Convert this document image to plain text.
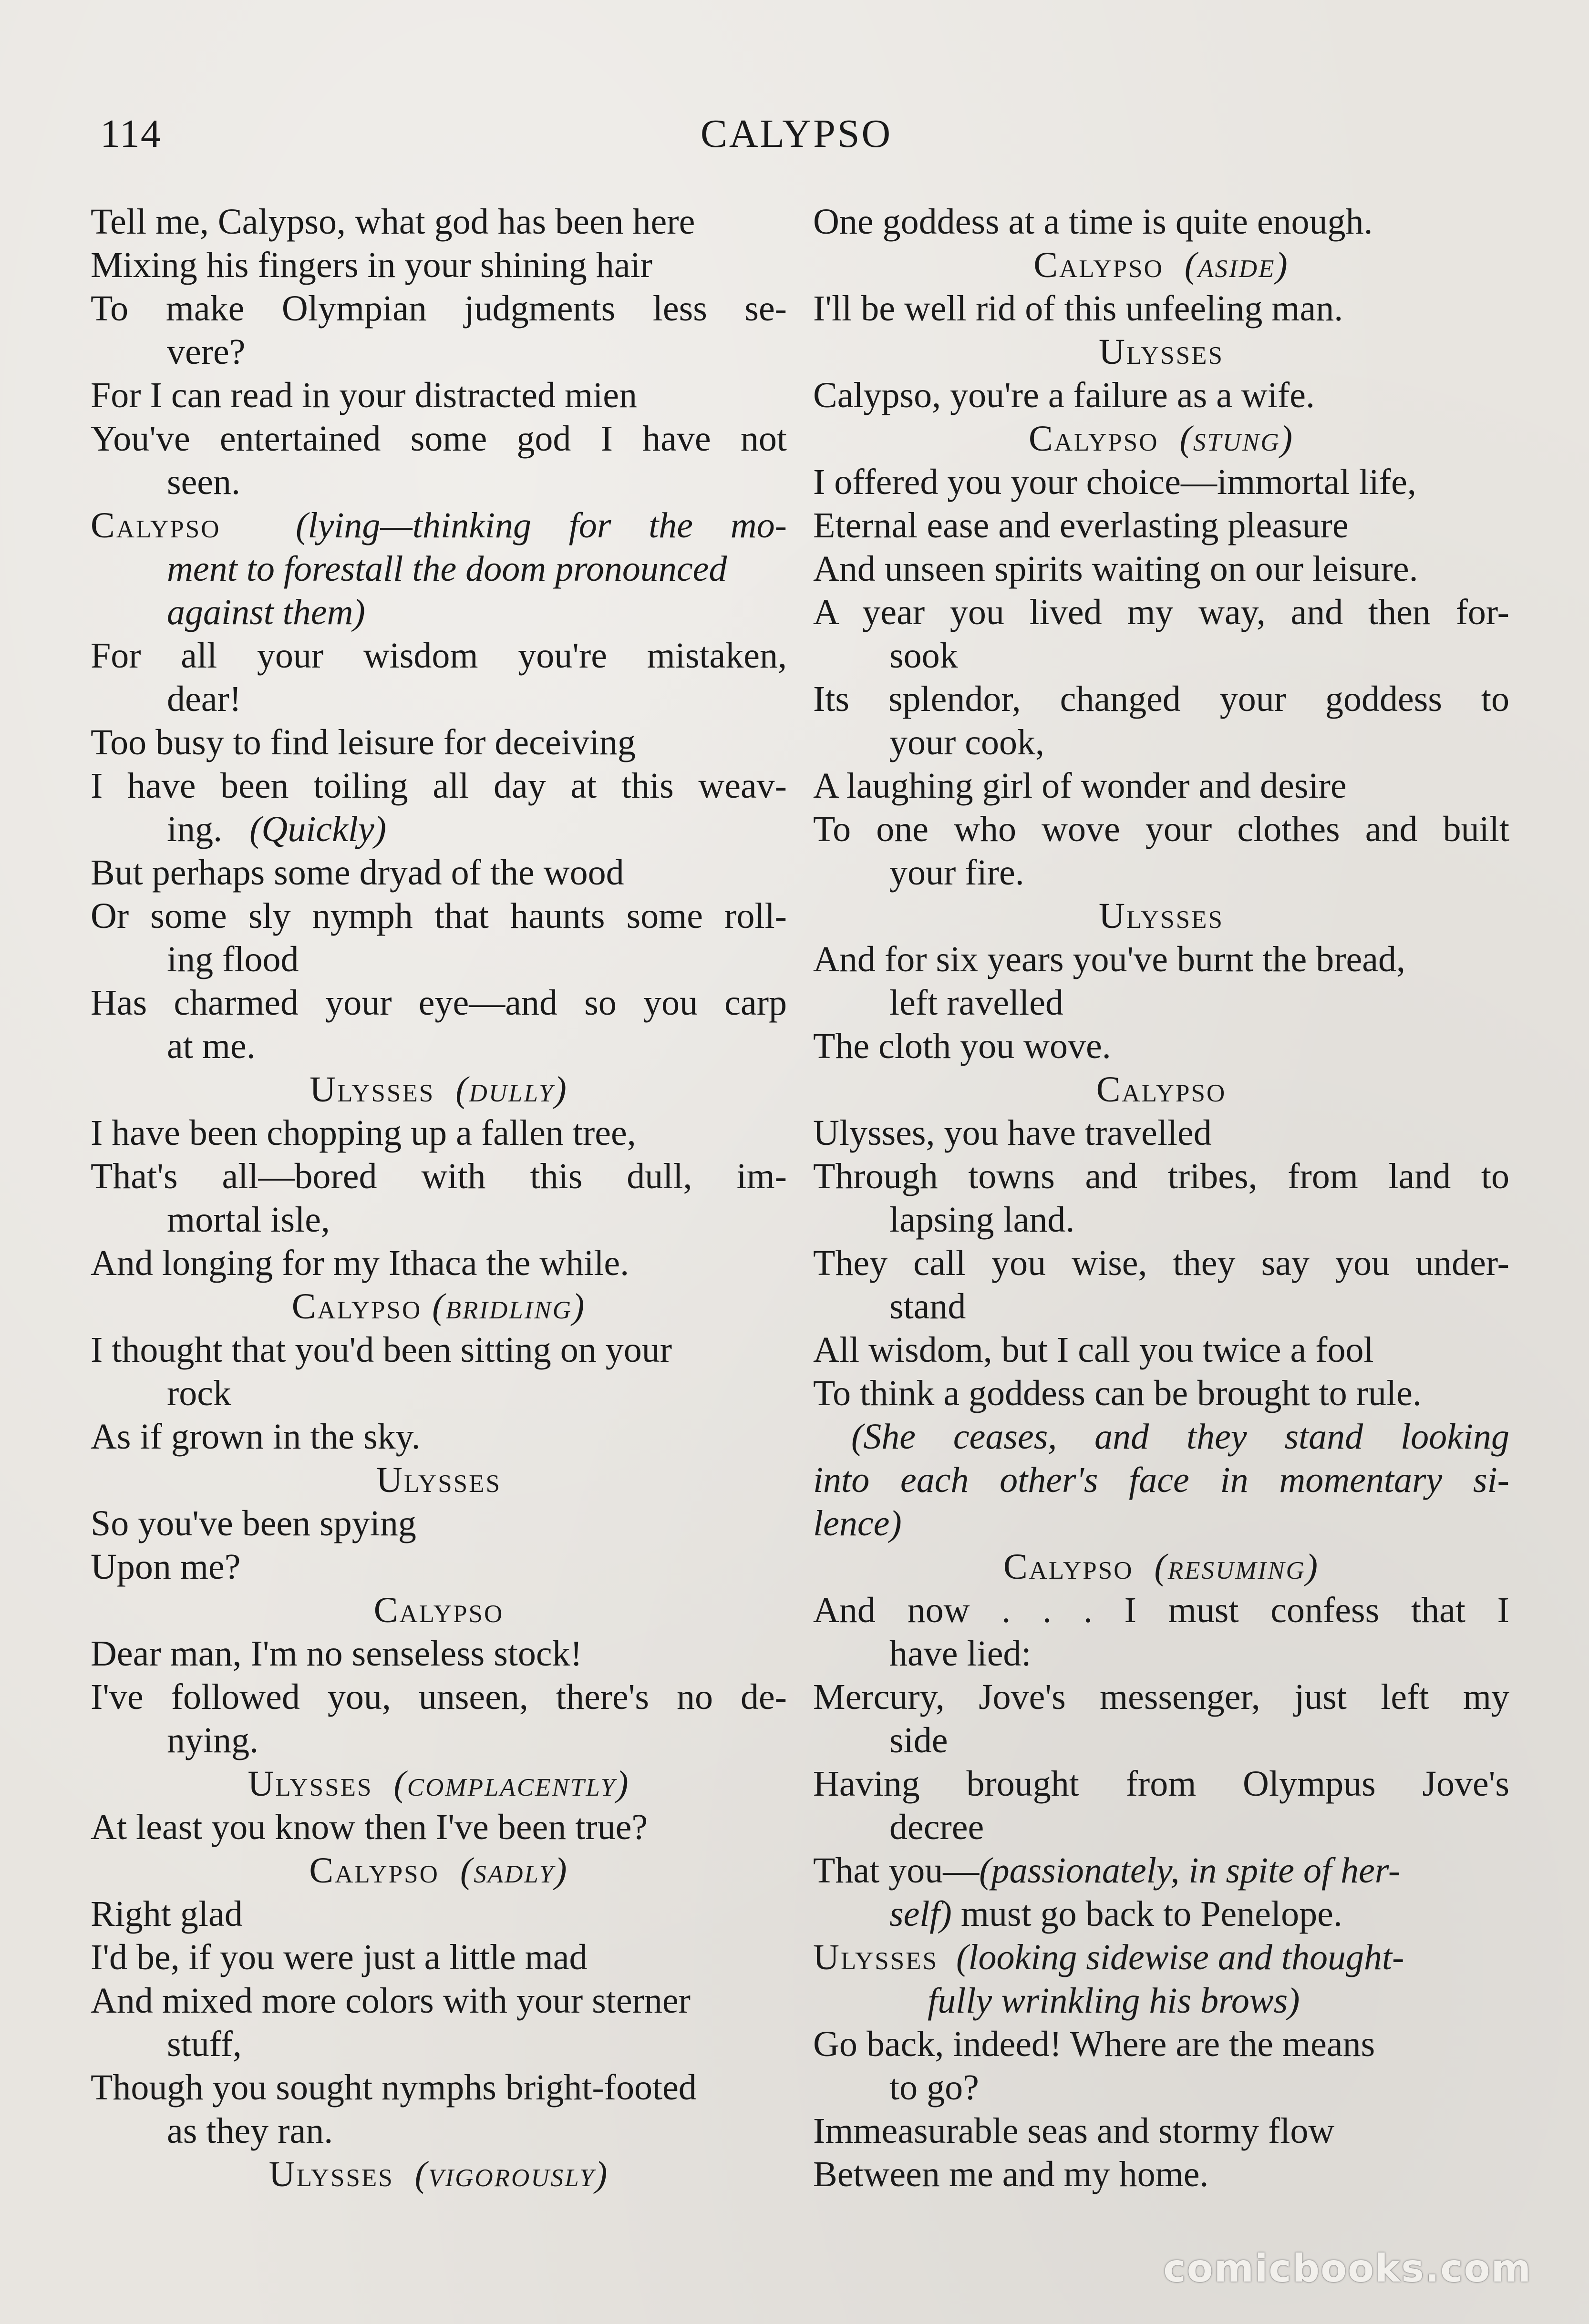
114	CALYPSO
Tell me, Calypso, what god has been here
Mixing his fingers in your shining hair
To make Olympian judgments less se-
vere?
For I can read in your distracted mien
You've entertained some god I have not
seen.
Calypso (lying—thinking for the mo-
ment to forestall the doom pronounced
against them)
For all your wisdom you're mistaken,
dear!
Too busy to find leisure for deceiving
I have been toiling all day at this weav-
ing. (Quickly)
But perhaps some dryad of the wood
Or some sly nymph that haunts some roll-
ing flood
Has charmed your eye—and so you carp
at me.
Ulysses (dully)
I have been chopping up a fallen tree,
That's all—bored with this dull, im-
mortal isle,
And longing for my Ithaca the while.
Calypso (bridling)
I thought that you'd been sitting on your
rock
As if grown in the sky.
Ulysses
So you've been spying
Upon me?
Calypso
Dear man, I'm no senseless stock!
I've followed you, unseen, there's no de-
nying.
Ulysses (complacently)
At least you know then I've been true?
Calypso (sadly)
Right glad
I'd be, if you were just a little mad
And mixed more colors with your sterner
stuff,
Though you sought nymphs bright-footed
as they ran.
Ulysses (vigorously)
One goddess at a time is quite enough.
Calypso (aside)
I'll be well rid of this unfeeling man.
Ulysses
Calypso, you're a failure as a wife.
Calypso (stung)
I offered you your choice—immortal life,
Eternal ease and everlasting pleasure
And unseen spirits waiting on our leisure.
A year you lived my way, and then for-
sook
Its splendor, changed your goddess to
your cook,
A laughing girl of wonder and desire
To one who wove your clothes and built
your fire.
Ulysses
And for six years you've burnt the bread,
left ravelled
The cloth you wove.
Calypso
Ulysses, you have travelled
Through towns and tribes, from land to
lapsing land.
They call you wise, they say you under-
stand
All wisdom, but I call you twice a fool
To think a goddess can be brought to rule.
(She ceases, and they stand looking
into each other's face in momentary si-
lence)
Calypso (resuming)
And now . . . I must confess that I
have lied:
Mercury, Jove's messenger, just left my
side
Having brought from Olympus Jove's
decree
That you—(passionately, in spite of her-
self) must go back to Penelope.
Ulysses (looking sidewise and thought-
fully wrinkling his brows)
Go back, indeed! Where are the means
to go?
Immeasurable seas and stormy flow
Between me and my home.
comicbooks.com
